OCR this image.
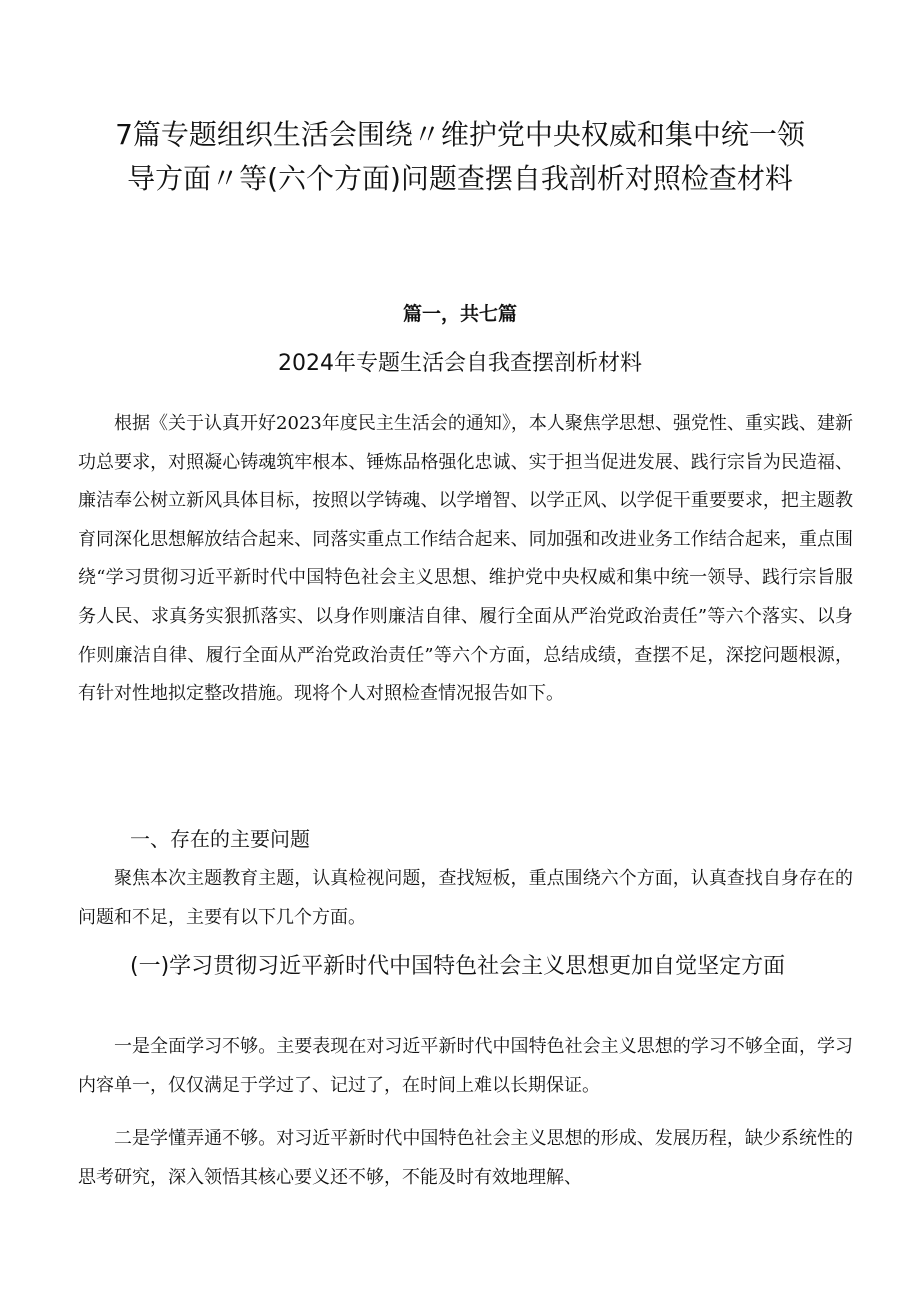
7篇专题组织生活会围绕〃维护党中央权威和集中统一领导方面〃等(六个方面)问题查摆自我剖析对照检查材料
篇一，共七篇
2024年专题生活会自我查摆剖析材料

根据《关于认真开好2023年度民主生活会的通知》，本人聚焦学思想、强党性、重实践、建新功总要求，对照凝心铸魂筑牢根本、锤炼品格强化忠诚、实于担当促进发展、践行宗旨为民造福、廉洁奉公树立新风具体目标，按照以学铸魂、以学增智、以学正风、以学促干重要要求，把主题教育同深化思想解放结合起来、同落实重点工作结合起来、同加强和改进业务工作结合起来，重点围绕“学习贯彻习近平新时代中国特色社会主义思想、维护党中央权威和集中统一领导、践行宗旨服务人民、求真务实狠抓落实、以身作则廉洁自律、履行全面从严治党政治责任”等六个落实、以身作则廉洁自律、履行全面从严治党政治责任”等六个方面，总结成绩，查摆不足，深挖问题根源，有针对性地拟定整改措施。现将个人对照检查情况报告如下。

一、存在的主要问题

聚焦本次主题教育主题，认真检视问题，查找短板，重点围绕六个方面，认真查找自身存在的问题和不足，主要有以下几个方面。

(一)学习贯彻习近平新时代中国特色社会主义思想更加自觉坚定方面

一是全面学习不够。主要表现在对习近平新时代中国特色社会主义思想的学习不够全面，学习内容单一，仅仅满足于学过了、记过了，在时间上难以长期保证。

二是学懂弄通不够。对习近平新时代中国特色社会主义思想的形成、发展历程，缺少系统性的思考研究，深入领悟其核心要义还不够，不能及时有效地理解、
